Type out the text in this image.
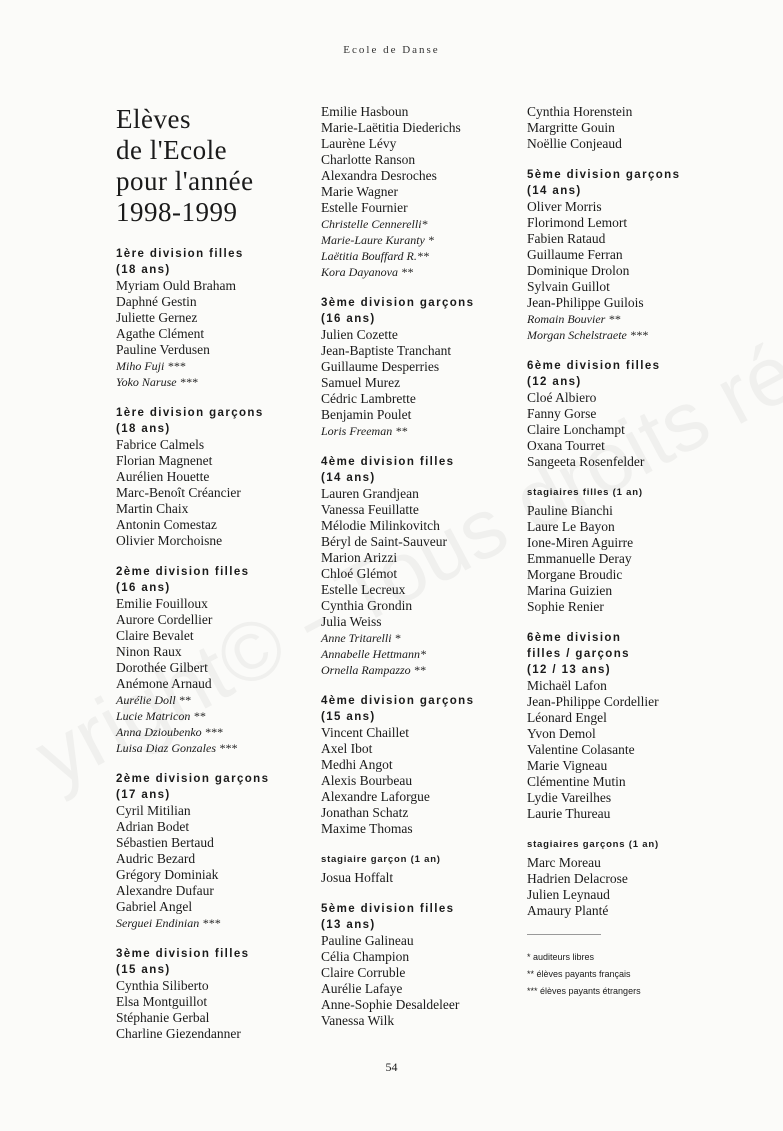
Ecole de Danse
Elèves
de l'Ecole
pour l'année
1998-1999
1ère division filles
(18 ans)
Myriam Ould Braham
Daphné Gestin
Juliette Gernez
Agathe Clément
Pauline Verdusen
Miho Fuji ***
Yoko Naruse ***
1ère division garçons
(18 ans)
Fabrice Calmels
Florian Magnenet
Aurélien Houette
Marc-Benoît Créancier
Martin Chaix
Antonin Comestaz
Olivier Morchoisne
2ème division filles
(16 ans)
Emilie Fouilloux
Aurore Cordellier
Claire Bevalet
Ninon Raux
Dorothée Gilbert
Anémone Arnaud
Aurélie Doll **
Lucie Matricon **
Anna Dzioubenko ***
Luisa Diaz Gonzales ***
2ème division garçons
(17 ans)
Cyril Mitilian
Adrian Bodet
Sébastien Bertaud
Audric Bezard
Grégory Dominiak
Alexandre Dufaur
Gabriel Angel
Serguei Endinian ***
3ème division filles
(15 ans)
Cynthia Siliberto
Elsa Montguillot
Stéphanie Gerbal
Charline Giezendanner
Emilie Hasboun
Marie-Laëtitia Diederichs
Laurène Lévy
Charlotte Ranson
Alexandra Desroches
Marie Wagner
Estelle Fournier
Christelle Cennerelli*
Marie-Laure Kuranty *
Laëtitia Bouffard R.**
Kora Dayanova **
3ème division garçons
(16 ans)
Julien Cozette
Jean-Baptiste Tranchant
Guillaume Desperries
Samuel Murez
Cédric Lambrette
Benjamin Poulet
Loris Freeman **
4ème division filles
(14 ans)
Lauren Grandjean
Vanessa Feuillatte
Mélodie Milinkovitch
Béryl de Saint-Sauveur
Marion Arizzi
Chloé Glémot
Estelle Lecreux
Cynthia Grondin
Julia Weiss
Anne Tritarelli *
Annabelle Hettmann*
Ornella Rampazzo **
4ème division garçons
(15 ans)
Vincent Chaillet
Axel Ibot
Medhi Angot
Alexis Bourbeau
Alexandre Laforgue
Jonathan Schatz
Maxime Thomas
stagiaire garçon (1 an)
Josua Hoffalt
5ème division filles
(13 ans)
Pauline Galineau
Célia Champion
Claire Corruble
Aurélie Lafaye
Anne-Sophie Desaldeleer
Vanessa Wilk
Cynthia Horenstein
Margritte Gouin
Noëllie Conjeaud
5ème division garçons
(14 ans)
Oliver Morris
Florimond Lemort
Fabien Rataud
Guillaume Ferran
Dominique Drolon
Sylvain Guillot
Jean-Philippe Guilois
Romain Bouvier **
Morgan Schelstraete ***
6ème division filles
(12 ans)
Cloé Albiero
Fanny Gorse
Claire Lonchampt
Oxana Tourret
Sangeeta Rosenfelder
stagiaires filles (1 an)
Pauline Bianchi
Laure Le Bayon
Ione-Miren Aguirre
Emmanuelle Deray
Morgane Broudic
Marina Guizien
Sophie Renier
6ème division
filles / garçons
(12 / 13 ans)
Michaël Lafon
Jean-Philippe Cordellier
Léonard Engel
Yvon Demol
Valentine Colasante
Marie Vigneau
Clémentine Mutin
Lydie Vareilhes
Laurie Thureau
stagiaires garçons (1 an)
Marc Moreau
Hadrien Delacrose
Julien Leynaud
Amaury Planté
* auditeurs libres
** élèves payants français
*** élèves payants étrangers
54
